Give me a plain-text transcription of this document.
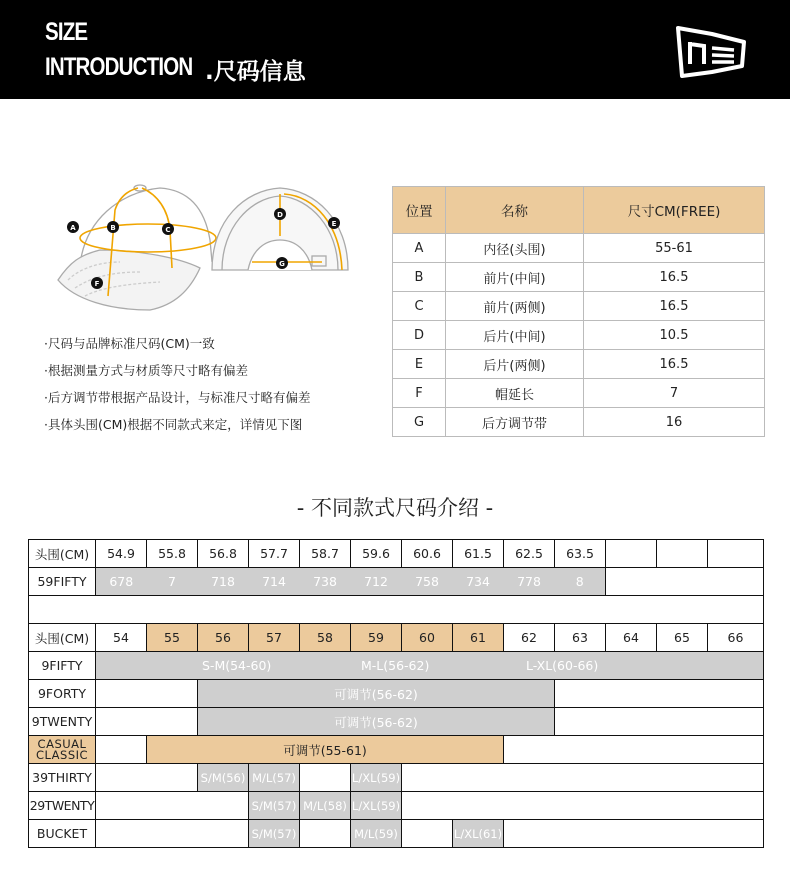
SIZE
INTRODUCTION .尺码信息
A	B	C
D
E
F
G
·尺码与品牌标准尺码(CM)一致
·根据测量方式与材质等尺寸略有偏差
·后方调节带根据产品设计，与标准尺寸略有偏差
·具体头围(CM)根据不同款式来定，详情见下图
位置	名称	尺寸CM(FREE)
A	内径(头围)	55-61
B	前片(中间)	16.5
C	前片(两侧)	16.5
D	后片(中间)	10.5
E	后片(两侧)	16.5
F	帽延长	7
G	后方调节带	16
- 不同款式尺码介绍 -
头围(CM)	54.9	55.8	56.8	57.7	58.7	59.6	60.6	61.5	62.5	63.5			
59FIFTY	678	7	718	714	738	712	758	734	778	8			

头围(CM)	54	55	56	57	58	59	60	61	62	63	64	65	66
9FIFTY	S-M(54-60) M-L(56-62) L-XL(60-66)												

9FORTY			可调节(56-62)										
9TWENTY			可调节(56-62)										

CASUAL
CLASSIC		可调节(55-61)											
39THIRTY			S/M(56)	M/L(57)		L/XL(59)							
29TWENTY				S/M(57)	M/L(58)	L/XL(59)							
BUCKET				S/M(57)		M/L(59)		L/XL(61)					
